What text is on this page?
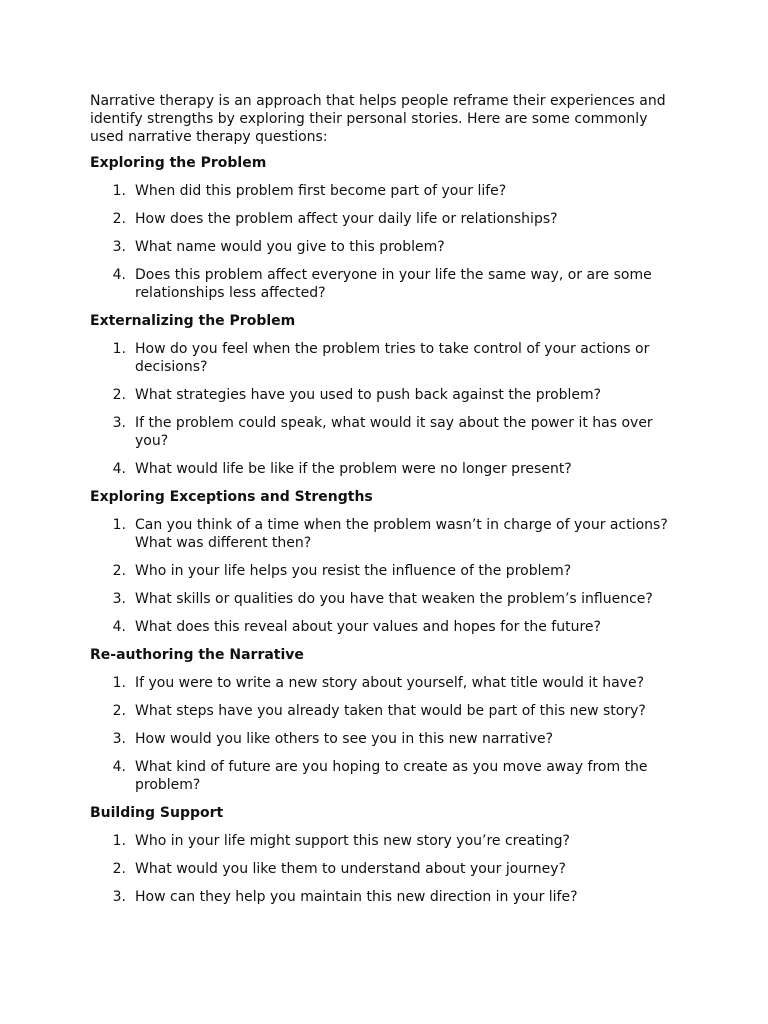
Narrative therapy is an approach that helps people reframe their experiences and identify strengths by exploring their personal stories. Here are some commonly used narrative therapy questions:

Exploring the Problem
1. When did this problem first become part of your life?
2. How does the problem affect your daily life or relationships?
3. What name would you give to this problem?
4. Does this problem affect everyone in your life the same way, or are some relationships less affected?
Externalizing the Problem
1. How do you feel when the problem tries to take control of your actions or decisions?
2. What strategies have you used to push back against the problem?
3. If the problem could speak, what would it say about the power it has over you?
4. What would life be like if the problem were no longer present?
Exploring Exceptions and Strengths
1. Can you think of a time when the problem wasn’t in charge of your actions? What was different then?
2. Who in your life helps you resist the influence of the problem?
3. What skills or qualities do you have that weaken the problem’s influence?
4. What does this reveal about your values and hopes for the future?
Re-authoring the Narrative
1. If you were to write a new story about yourself, what title would it have?
2. What steps have you already taken that would be part of this new story?
3. How would you like others to see you in this new narrative?
4. What kind of future are you hoping to create as you move away from the problem?
Building Support
1. Who in your life might support this new story you’re creating?
2. What would you like them to understand about your journey?
3. How can they help you maintain this new direction in your life?
